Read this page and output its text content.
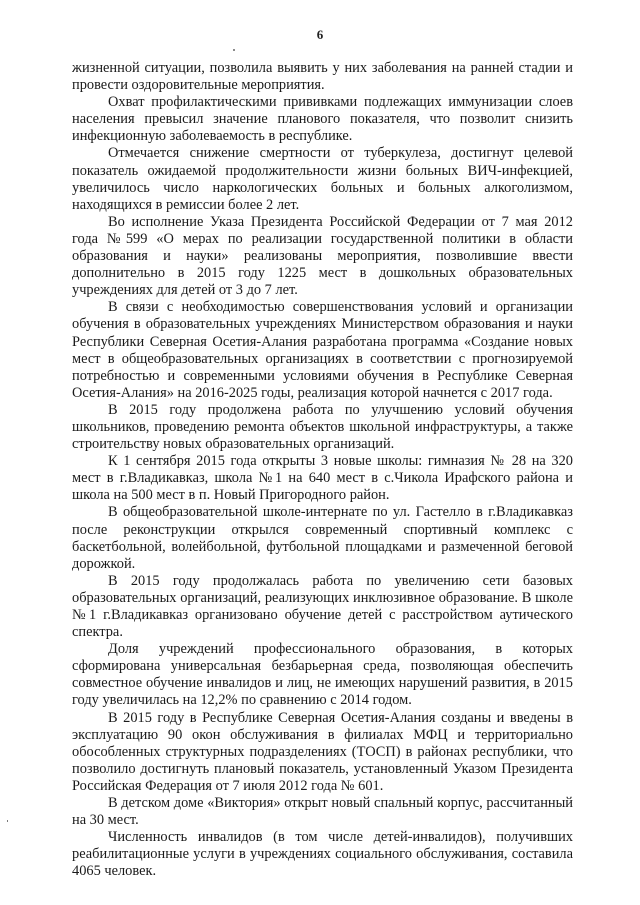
6

жизненной ситуации, позволила выявить у них заболевания на ранней стадии и провести оздоровительные мероприятия.

Охват профилактическими прививками подлежащих иммунизации слоев населения превысил значение планового показателя, что позволит снизить инфекционную заболеваемость в республике.

Отмечается снижение смертности от туберкулеза, достигнут целевой показатель ожидаемой продолжительности жизни больных ВИЧ-инфекцией, увеличилось число наркологических больных и больных алкоголизмом, находящихся в ремиссии более 2 лет.

Во исполнение Указа Президента Российской Федерации от 7 мая 2012 года №599 «О мерах по реализации государственной политики в области образования и науки» реализованы мероприятия, позволившие ввести дополнительно в 2015 году 1225 мест в дошкольных образовательных учреждениях для детей от 3 до 7 лет.

В связи с необходимостью совершенствования условий и организации обучения в образовательных учреждениях Министерством образования и науки Республики Северная Осетия-Алания разработана программа «Создание новых мест в общеобразовательных организациях в соответствии с прогнозируемой потребностью и современными условиями обучения в Республике Северная Осетия-Алания» на 2016-2025 годы, реализация которой начнется с 2017 года.

В 2015 году продолжена работа по улучшению условий обучения школьников, проведению ремонта объектов школьной инфраструктуры, а также строительству новых образовательных организаций.

К 1 сентября 2015 года открыты 3 новые школы: гимназия № 28 на 320 мест в г.Владикавказ, школа №1 на 640 мест в с.Чикола Ирафского района и школа на 500 мест в п. Новый Пригородного район.

В общеобразовательной школе-интернате по ул. Гастелло в г.Владикавказ после реконструкции открылся современный спортивный комплекс с баскетбольной, волейбольной, футбольной площадками и размеченной беговой дорожкой.

В 2015 году продолжалась работа по увеличению сети базовых образовательных организаций, реализующих инклюзивное образование. В школе №1 г.Владикавказ организовано обучение детей с расстройством аутического спектра.

Доля учреждений профессионального образования, в которых сформирована универсальная безбарьерная среда, позволяющая обеспечить совместное обучение инвалидов и лиц, не имеющих нарушений развития, в 2015 году увеличилась на 12,2% по сравнению с 2014 годом.

В 2015 году в Республике Северная Осетия-Алания созданы и введены в эксплуатацию 90 окон обслуживания в филиалах МФЦ и территориально обособленных структурных подразделениях (ТОСП) в районах республики, что позволило достигнуть плановый показатель, установленный Указом Президента Российская Федерация от 7 июля 2012 года № 601.

В детском доме «Виктория» открыт новый спальный корпус, рассчитанный на 30 мест.

Численность инвалидов (в том числе детей-инвалидов), получивших реабилитационные услуги в учреждениях социального обслуживания, составила 4065 человек.
